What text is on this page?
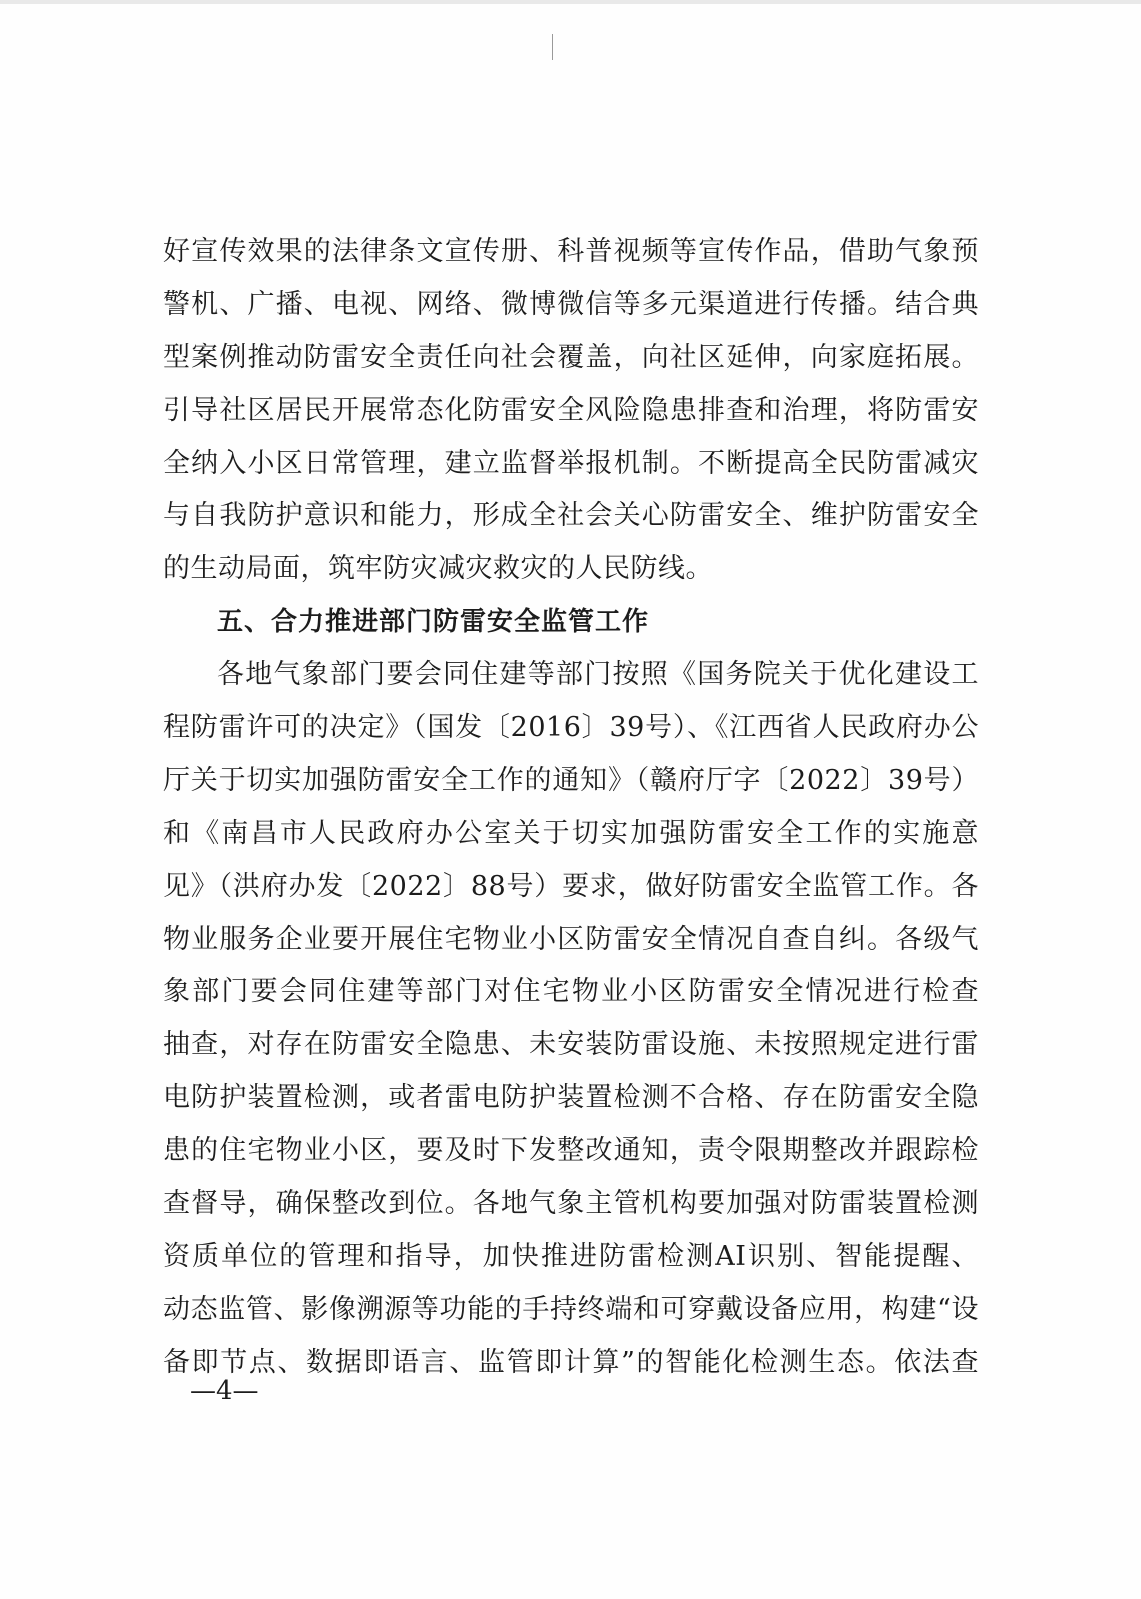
好宣传效果的法律条文宣传册、科普视频等宣传作品，借助气象预
警机、广播、电视、网络、微博微信等多元渠道进行传播。结合典
型案例推动防雷安全责任向社会覆盖，向社区延伸，向家庭拓展。
引导社区居民开展常态化防雷安全风险隐患排查和治理，将防雷安
全纳入小区日常管理，建立监督举报机制。不断提高全民防雷减灾
与自我防护意识和能力，形成全社会关心防雷安全、维护防雷安全
的生动局面，筑牢防灾减灾救灾的人民防线。
五、合力推进部门防雷安全监管工作
各地气象部门要会同住建等部门按照《国务院关于优化建设工
程防雷许可的决定》（国发〔2016〕39号）、《江西省人民政府办公
厅关于切实加强防雷安全工作的通知》（赣府厅字〔2022〕39号）
和《南昌市人民政府办公室关于切实加强防雷安全工作的实施意
见》（洪府办发〔2022〕88号）要求，做好防雷安全监管工作。各
物业服务企业要开展住宅物业小区防雷安全情况自查自纠。各级气
象部门要会同住建等部门对住宅物业小区防雷安全情况进行检查
抽查，对存在防雷安全隐患、未安装防雷设施、未按照规定进行雷
电防护装置检测，或者雷电防护装置检测不合格、存在防雷安全隐
患的住宅物业小区，要及时下发整改通知，责令限期整改并跟踪检
查督导，确保整改到位。各地气象主管机构要加强对防雷装置检测
资质单位的管理和指导，加快推进防雷检测AI识别、智能提醒、
动态监管、影像溯源等功能的手持终端和可穿戴设备应用，构建“设
备即节点、数据即语言、监管即计算”的智能化检测生态。依法查
—4—
